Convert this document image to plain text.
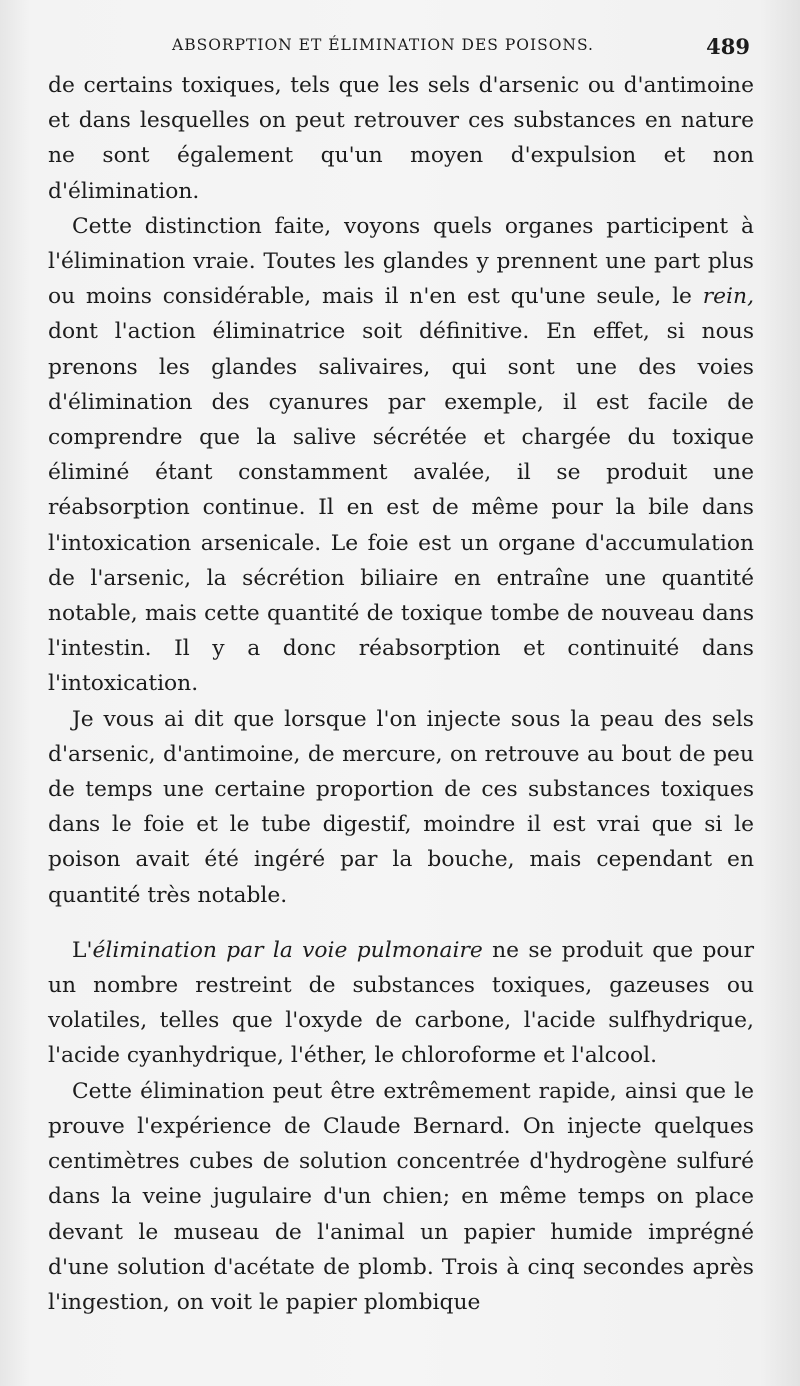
ABSORPTION ET ÉLIMINATION DES POISONS.	489

de certains toxiques, tels que les sels d'arsenic ou d'antimoine et dans lesquelles on peut retrouver ces substances en nature ne sont également qu'un moyen d'expulsion et non d'élimination.

Cette distinction faite, voyons quels organes participent à l'élimination vraie. Toutes les glandes y prennent une part plus ou moins considérable, mais il n'en est qu'une seule, le rein, dont l'action éliminatrice soit définitive. En effet, si nous prenons les glandes salivaires, qui sont une des voies d'élimination des cyanures par exemple, il est facile de comprendre que la salive sécrétée et chargée du toxique éliminé étant constamment avalée, il se produit une réabsorption continue. Il en est de même pour la bile dans l'intoxication arsenicale. Le foie est un organe d'accumulation de l'arsenic, la sécrétion biliaire en entraîne une quantité notable, mais cette quantité de toxique tombe de nouveau dans l'intestin. Il y a donc réabsorption et continuité dans l'intoxication.

Je vous ai dit que lorsque l'on injecte sous la peau des sels d'arsenic, d'antimoine, de mercure, on retrouve au bout de peu de temps une certaine proportion de ces substances toxiques dans le foie et le tube digestif, moindre il est vrai que si le poison avait été ingéré par la bouche, mais cependant en quantité très notable.

L'élimination par la voie pulmonaire ne se produit que pour un nombre restreint de substances toxiques, gazeuses ou volatiles, telles que l'oxyde de carbone, l'acide sulfhydrique, l'acide cyanhydrique, l'éther, le chloroforme et l'alcool.

Cette élimination peut être extrêmement rapide, ainsi que le prouve l'expérience de Claude Bernard. On injecte quelques centimètres cubes de solution concentrée d'hydrogène sulfuré dans la veine jugulaire d'un chien; en même temps on place devant le museau de l'animal un papier humide imprégné d'une solution d'acétate de plomb. Trois à cinq secondes après l'ingestion, on voit le papier plombique
